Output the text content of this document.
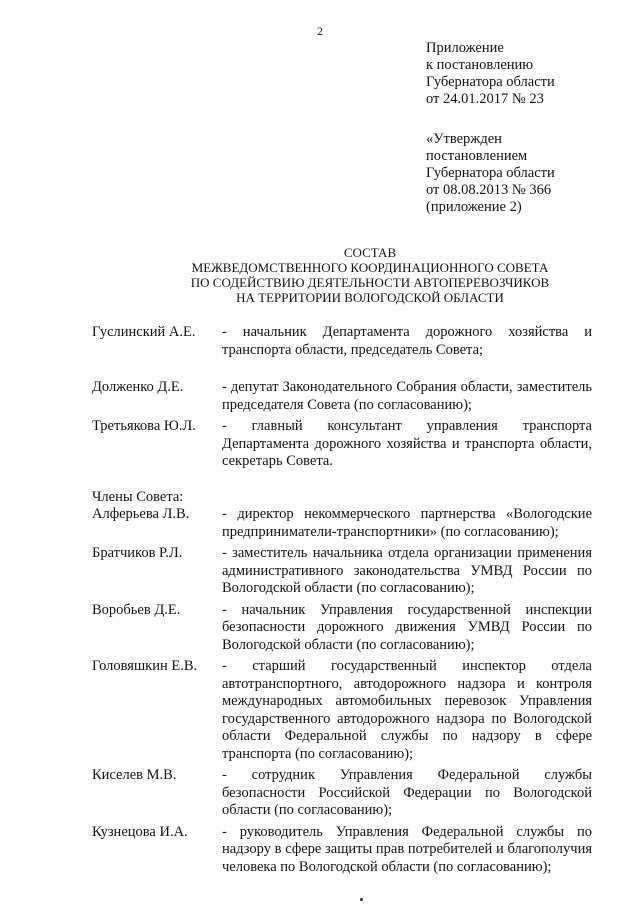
2
Приложение
к постановлению
Губернатора области
от 24.01.2017 № 23
«Утвержден
постановлением
Губернатора области
от 08.08.2013 № 366
(приложение 2)
СОСТАВ
МЕЖВЕДОМСТВЕННОГО КООРДИНАЦИОННОГО СОВЕТА
ПО СОДЕЙСТВИЮ ДЕЯТЕЛЬНОСТИ АВТОПЕРЕВОЗЧИКОВ
НА ТЕРРИТОРИИ ВОЛОГОДСКОЙ ОБЛАСТИ
Гуслинский А.Е.	- начальник Департамента дорожного хозяйства и транспорта области, председатель Совета;
Долженко Д.Е.	- депутат Законодательного Собрания области, заместитель председателя Совета (по согласованию);
Третьякова Ю.Л.	- главный консультант управления транспорта Департамента дорожного хозяйства и транспорта области, секретарь Совета.
Члены Совета:
Алферьева Л.В.	- директор некоммерческого партнерства «Вологодские предприниматели-транспортники» (по согласованию);
Братчиков Р.Л.	- заместитель начальника отдела организации применения административного законодательства УМВД России по Вологодской области (по согласованию);
Воробьев Д.Е.	- начальник Управления государственной инспекции безопасности дорожного движения УМВД России по Вологодской области (по согласованию);
Головяшкин Е.В.	- старший государственный инспектор отдела автотранспортного, автодорожного надзора и контроля международных автомобильных перевозок Управления государственного автодорожного надзора по Вологодской области Федеральной службы по надзору в сфере транспорта (по согласованию);
Киселев М.В.	- сотрудник Управления Федеральной службы безопасности Российской Федерации по Вологодской области (по согласованию);
Кузнецова И.А.	- руководитель Управления Федеральной службы по надзору в сфере защиты прав потребителей и благополучия человека по Вологодской области (по согласованию);
